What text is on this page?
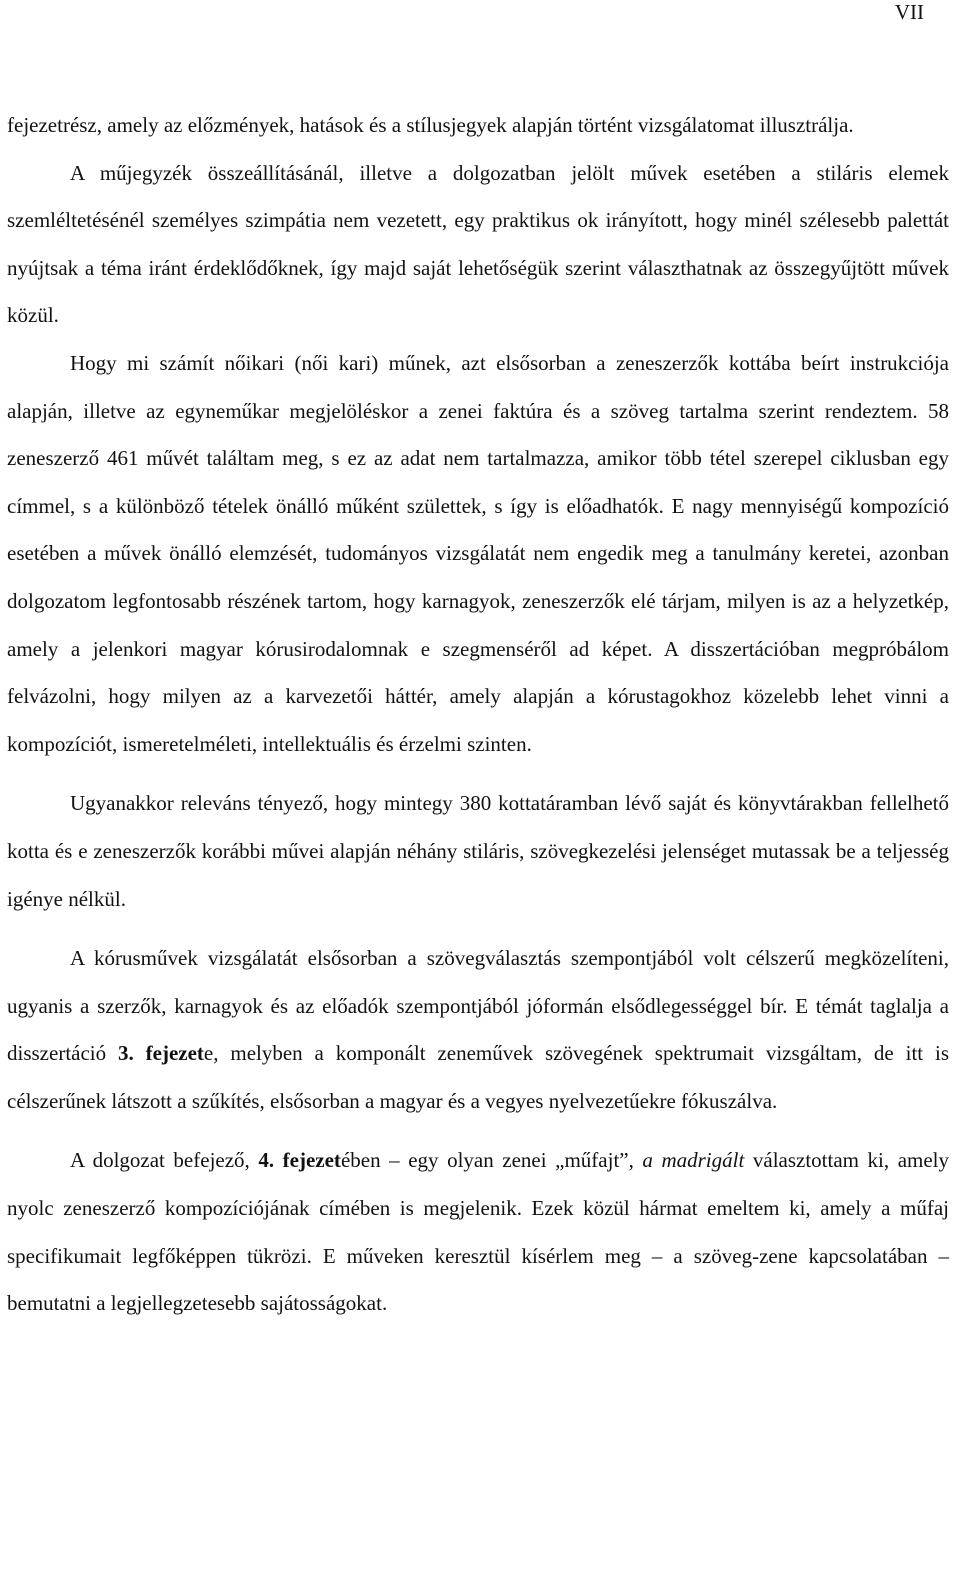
VII

fejezetrész, amely az előzmények, hatások és a stílusjegyek alapján történt vizsgálatomat illusztrálja.

A műjegyzék összeállításánál, illetve a dolgozatban jelölt művek esetében a stiláris elemek szemléltetésénél személyes szimpátia nem vezetett, egy praktikus ok irányított, hogy minél szélesebb palettát nyújtsak a téma iránt érdeklődőknek, így majd saját lehetőségük szerint választhatnak az összegyűjtött művek közül.

Hogy mi számít nőikari (női kari) műnek, azt elsősorban a zeneszerzők kottába beírt instrukciója alapján, illetve az egyneműkar megjelöléskor a zenei faktúra és a szöveg tartalma szerint rendeztem. 58 zeneszerző 461 művét találtam meg, s ez az adat nem tartalmazza, amikor több tétel szerepel ciklusban egy címmel, s a különböző tételek önálló műként születtek, s így is előadhatók. E nagy mennyiségű kompozíció esetében a művek önálló elemzését, tudományos vizsgálatát nem engedik meg a tanulmány keretei, azonban dolgozatom legfontosabb részének tartom, hogy karnagyok, zeneszerzők elé tárjam, milyen is az a helyzetkép, amely a jelenkori magyar kórusirodalomnak e szegmenséről ad képet. A disszertációban megpróbálom felvázolni, hogy milyen az a karvezetői háttér, amely alapján a kórustagokhoz közelebb lehet vinni a kompozíciót, ismeretelméleti, intellektuális és érzelmi szinten.

Ugyanakkor releváns tényező, hogy mintegy 380 kottatáramban lévő saját és könyvtárakban fellelhető kotta és e zeneszerzők korábbi művei alapján néhány stiláris, szövegkezelési jelenséget mutassak be a teljesség igénye nélkül.

A kórusművek vizsgálatát elsősorban a szövegválasztás szempontjából volt célszerű megközelíteni, ugyanis a szerzők, karnagyok és az előadók szempontjából jóformán elsődlegességgel bír. E témát taglalja a disszertáció 3. fejezete, melyben a komponált zeneművek szövegének spektrumait vizsgáltam, de itt is célszerűnek látszott a szűkítés, elsősorban a magyar és a vegyes nyelvezetűekre fókuszálva.

A dolgozat befejező, 4. fejezetében – egy olyan zenei „műfajt”, a madrigált választottam ki, amely nyolc zeneszerző kompozíciójának címében is megjelenik. Ezek közül hármat emeltem ki, amely a műfaj specifikumait legfőképpen tükrözi. E műveken keresztül kísérlem meg – a szöveg-zene kapcsolatában – bemutatni a legjellegzetesebb sajátosságokat.
